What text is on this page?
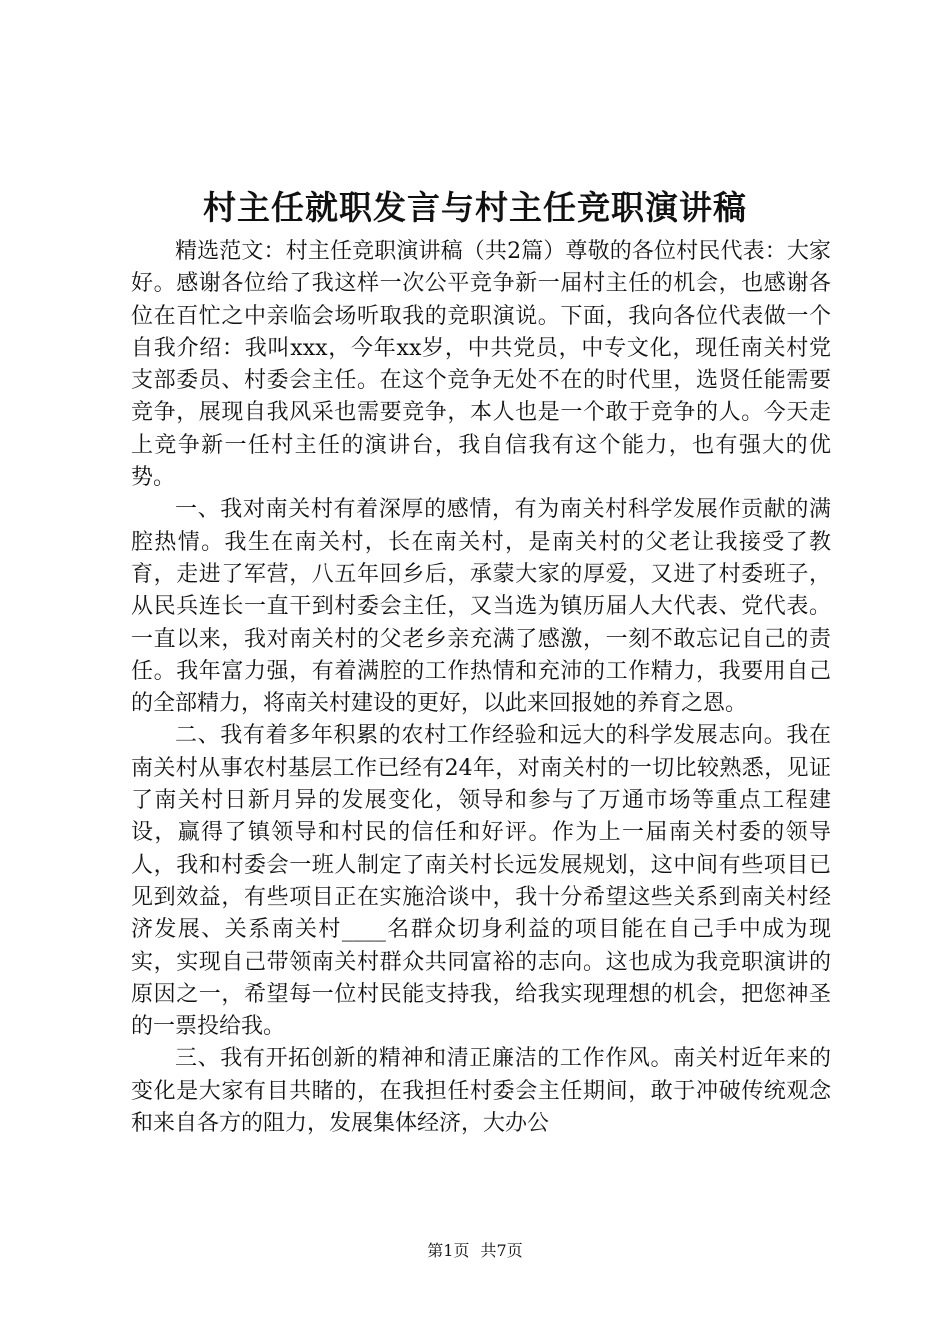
村主任就职发言与村主任竞职演讲稿

精选范文：村主任竞职演讲稿（共2篇）尊敬的各位村民代表：大家好。感谢各位给了我这样一次公平竞争新一届村主任的机会，也感谢各位在百忙之中亲临会场听取我的竞职演说。下面，我向各位代表做一个自我介绍：我叫xxx，今年xx岁，中共党员，中专文化，现任南关村党支部委员、村委会主任。在这个竞争无处不在的时代里，选贤任能需要竞争，展现自我风采也需要竞争，本人也是一个敢于竞争的人。今天走上竞争新一任村主任的演讲台，我自信我有这个能力，也有强大的优势。

一、我对南关村有着深厚的感情，有为南关村科学发展作贡献的满腔热情。我生在南关村，长在南关村，是南关村的父老让我接受了教育，走进了军营，八五年回乡后，承蒙大家的厚爱，又进了村委班子，从民兵连长一直干到村委会主任，又当选为镇历届人大代表、党代表。一直以来，我对南关村的父老乡亲充满了感激，一刻不敢忘记自己的责任。我年富力强，有着满腔的工作热情和充沛的工作精力，我要用自己的全部精力，将南关村建设的更好，以此来回报她的养育之恩。

二、我有着多年积累的农村工作经验和远大的科学发展志向。我在南关村从事农村基层工作已经有24年，对南关村的一切比较熟悉，见证了南关村日新月异的发展变化，领导和参与了万通市场等重点工程建设，赢得了镇领导和村民的信任和好评。作为上一届南关村委的领导人，我和村委会一班人制定了南关村长远发展规划，这中间有些项目已见到效益，有些项目正在实施洽谈中，我十分希望这些关系到南关村经济发展、关系南关村____名群众切身利益的项目能在自己手中成为现实，实现自己带领南关村群众共同富裕的志向。这也成为我竞职演讲的原因之一，希望每一位村民能支持我，给我实现理想的机会，把您神圣的一票投给我。

三、我有开拓创新的精神和清正廉洁的工作作风。南关村近年来的变化是大家有目共睹的，在我担任村委会主任期间，敢于冲破传统观念和来自各方的阻力，发展集体经济，大办公

第1页 共7页
